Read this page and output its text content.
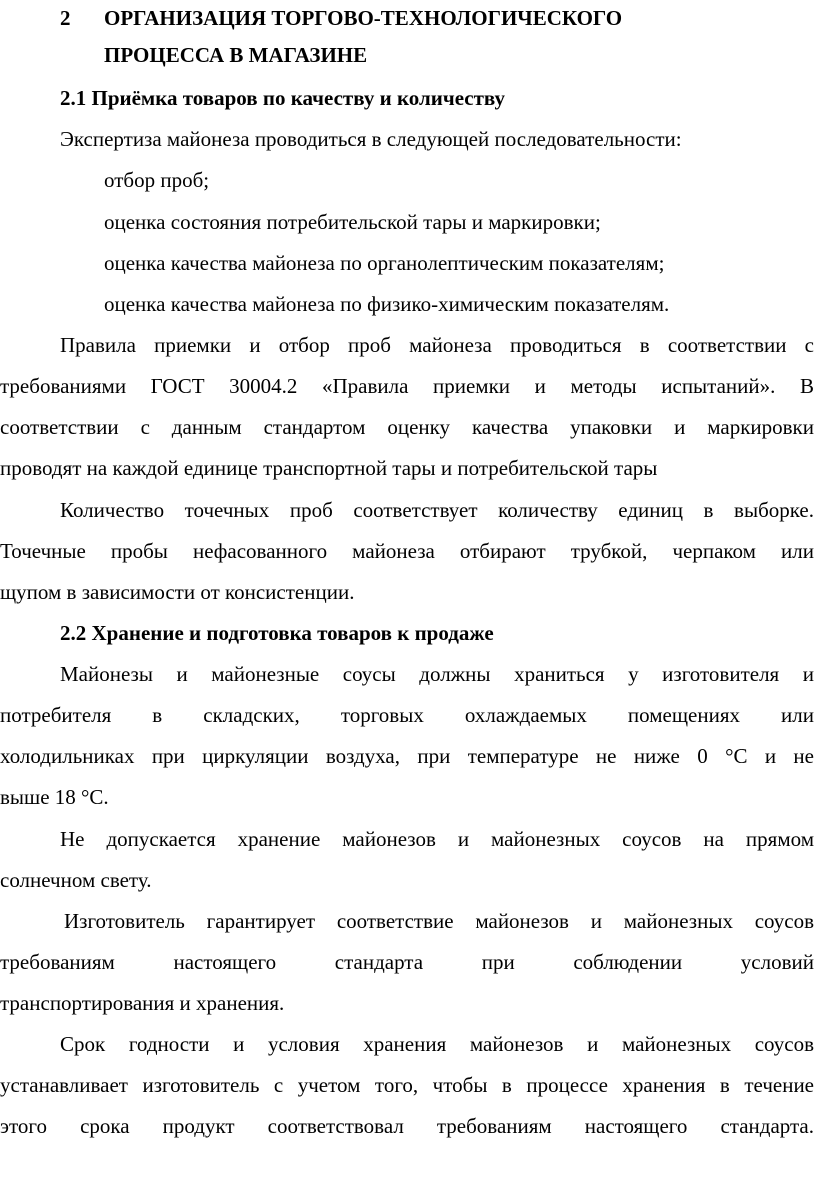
2 ОРГАНИЗАЦИЯ ТОРГОВО-ТЕХНОЛОГИЧЕСКОГО
ПРОЦЕССА В МАГАЗИНЕ
2.1 Приёмка товаров по качеству и количеству
Экспертиза майонеза проводиться в следующей последовательности:
отбор проб;
оценка состояния потребительской тары и маркировки;
оценка качества майонеза по органолептическим показателям;
оценка качества майонеза по физико-химическим показателям.
Правила приемки и отбор проб майонеза проводиться в соответствии с
требованиями ГОСТ 30004.2 «Правила приемки и методы испытаний». В
соответствии с данным стандартом оценку качества упаковки и маркировки
проводят на каждой единице транспортной тары и потребительской тары
Количество точечных проб соответствует количеству единиц в выборке.
Точечные пробы нефасованного майонеза отбирают трубкой, черпаком или
щупом в зависимости от консистенции.
2.2 Хранение и подготовка товаров к продаже
Майонезы и майонезные соусы должны храниться у изготовителя и
потребителя в складских, торговых охлаждаемых помещениях или
холодильниках при циркуляции воздуха, при температуре не ниже 0 °С и не
выше 18 °С.
Не допускается хранение майонезов и майонезных соусов на прямом
солнечном свету.
Изготовитель гарантирует соответствие майонезов и майонезных соусов
требованиям настоящего стандарта при соблюдении условий
транспортирования и хранения.
Срок годности и условия хранения майонезов и майонезных соусов
устанавливает изготовитель с учетом того, чтобы в процессе хранения в течение
этого срока продукт соответствовал требованиям настоящего стандарта.
